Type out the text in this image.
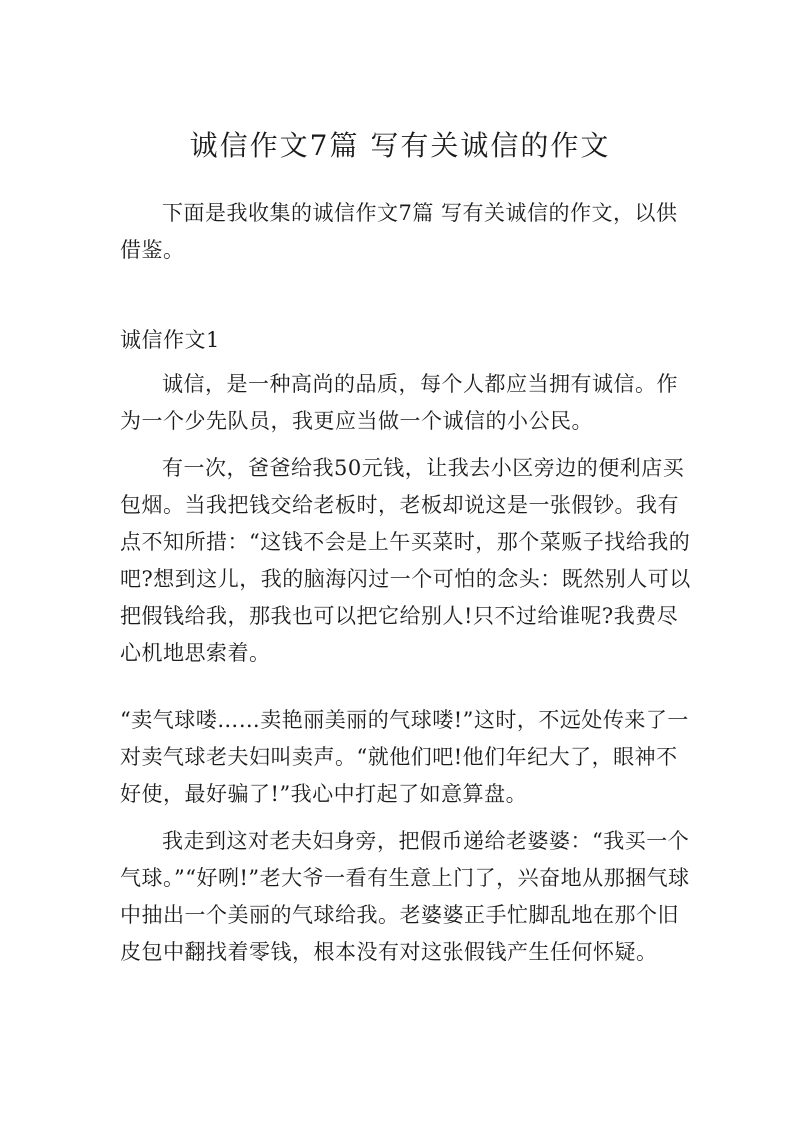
诚信作文7篇 写有关诚信的作文

下面是我收集的诚信作文7篇 写有关诚信的作文，以供借鉴。

诚信作文1

诚信，是一种高尚的品质，每个人都应当拥有诚信。作为一个少先队员，我更应当做一个诚信的小公民。

有一次，爸爸给我50元钱，让我去小区旁边的便利店买包烟。当我把钱交给老板时，老板却说这是一张假钞。我有点不知所措：“这钱不会是上午买菜时，那个菜贩子找给我的吧?想到这儿，我的脑海闪过一个可怕的念头：既然别人可以把假钱给我，那我也可以把它给别人!只不过给谁呢?我费尽心机地思索着。

“卖气球喽……卖艳丽美丽的气球喽!”这时，不远处传来了一对卖气球老夫妇叫卖声。“就他们吧!他们年纪大了，眼神不好使，最好骗了!”我心中打起了如意算盘。

我走到这对老夫妇身旁，把假币递给老婆婆：“我买一个气球。”“好咧!”老大爷一看有生意上门了，兴奋地从那捆气球中抽出一个美丽的气球给我。老婆婆正手忙脚乱地在那个旧皮包中翻找着零钱，根本没有对这张假钱产生任何怀疑。
